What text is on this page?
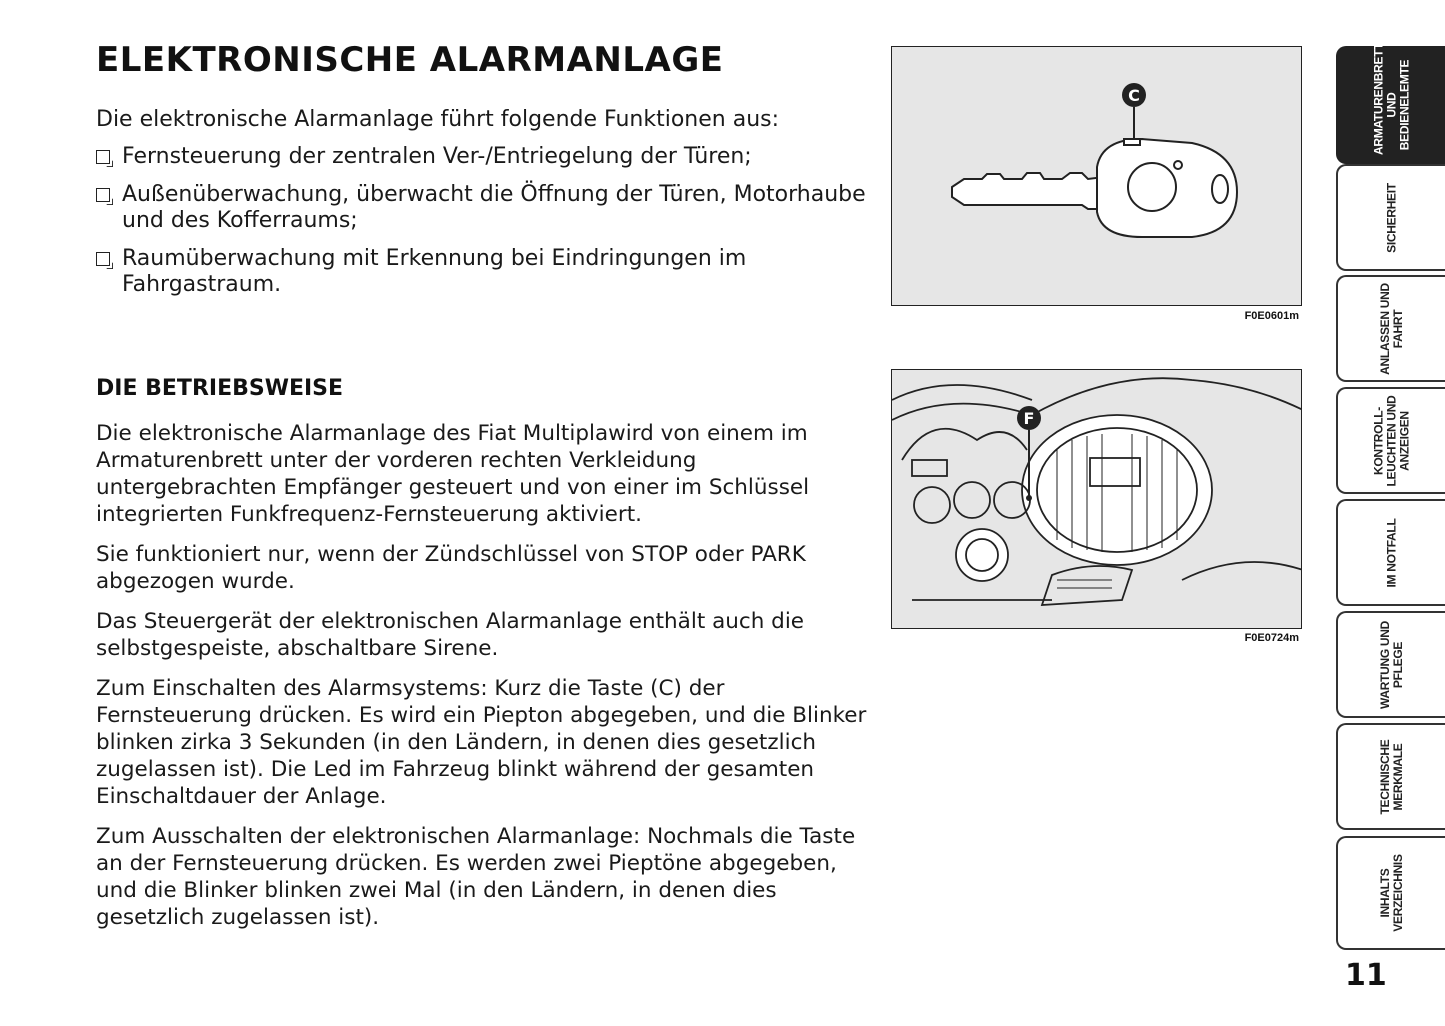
ELEKTRONISCHE ALARMANLAGE

Die elektronische Alarmanlage führt folgende Funktionen aus:

Fernsteuerung der zentralen Ver-/Entriegelung der Türen;
Außenüberwachung, überwacht die Öffnung der Türen, Motorhaube und des Kofferraums;
Raumüberwachung mit Erkennung bei Eindringungen im Fahrgastraum.
DIE BETRIEBSWEISE

Die elektronische Alarmanlage des Fiat Multiplawird von einem im Armaturenbrett unter der vorderen rechten Verkleidung untergebrachten Empfänger gesteuert und von einer im Schlüssel integrierten Funkfrequenz-Fernsteuerung aktiviert.

Sie funktioniert nur, wenn der Zündschlüssel von STOP oder PARK abgezogen wurde.

Das Steuergerät der elektronischen Alarmanlage enthält auch die selbstgespeiste, abschaltbare Sirene.

Zum Einschalten des Alarmsystems: Kurz die Taste (C) der Fernsteuerung drücken. Es wird ein Piepton abgegeben, und die Blinker blinken zirka 3 Sekunden (in den Ländern, in denen dies gesetzlich zugelassen ist). Die Led im Fahrzeug blinkt während der gesamten Einschaltdauer der Anlage.

Zum Ausschalten der elektronischen Alarmanlage: Nochmals die Taste an der Fernsteuerung drücken. Es werden zwei Pieptöne abgegeben, und die Blinker blinken zwei Mal (in den Ländern, in denen dies gesetzlich zugelassen ist).

C
F0E0601m
F
F0E0724m
ARMATURENBRETT
UND
BEDIENELEMTE
SICHERHEIT
ANLASSEN UND
FAHRT
KONTROLL-
LEUCHTEN UND
ANZEIGEN
IM NOTFALL
WARTUNG UND
PFLEGE
TECHNISCHE
MERKMALE
INHALTS
VERZEICHNIS
11
